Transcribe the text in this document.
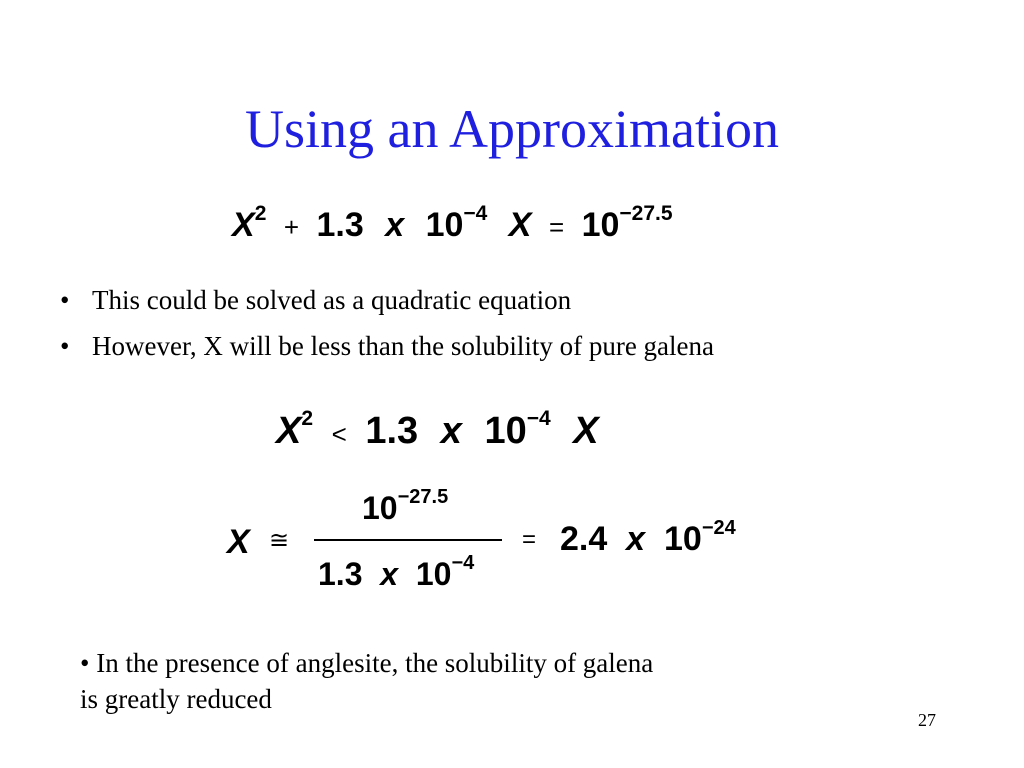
Using an Approximation
$X^2 + 1.3$ x $10^{-4}$ $X = 10^{-27.5}$
• This could be solved as a quadratic equation
• However, X will be less than the solubility of pure galena
$X^2 < 1.3$ x $10^{-4}$ X
X ≅
$10^{-27.5}$
1.3 x $10^{-4}$
= 2.4 x $10^{-24}$
• In the presence of anglesite, the solubility of galena
is greatly reduced
27
